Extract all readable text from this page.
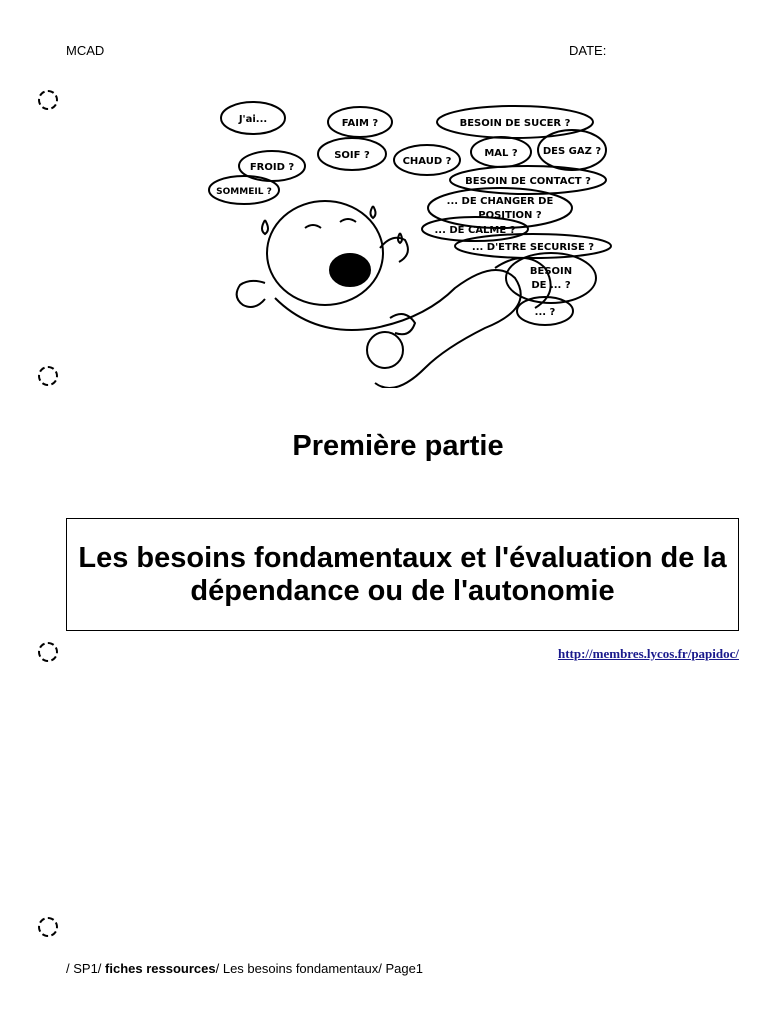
MCAD	DATE:
J'ai...	FAIM ?	BESOIN DE SUCER ?
SOIF ?
FROID ?
CHAUD ?
MAL ?	DES GAZ ?
SOMMEIL ?
BESOIN DE CONTACT ?
... DE CHANGER DE
POSITION ?
... DE CALME ?
... D'ETRE SECURISE ?
BESOIN
DE ... ?
... ?
Première partie
Les besoins fondamentaux et l'évaluation de la dépendance ou de l'autonomie
http://membres.lycos.fr/papidoc/
/ SP1/ fiches ressources/ Les besoins fondamentaux/ Page1
